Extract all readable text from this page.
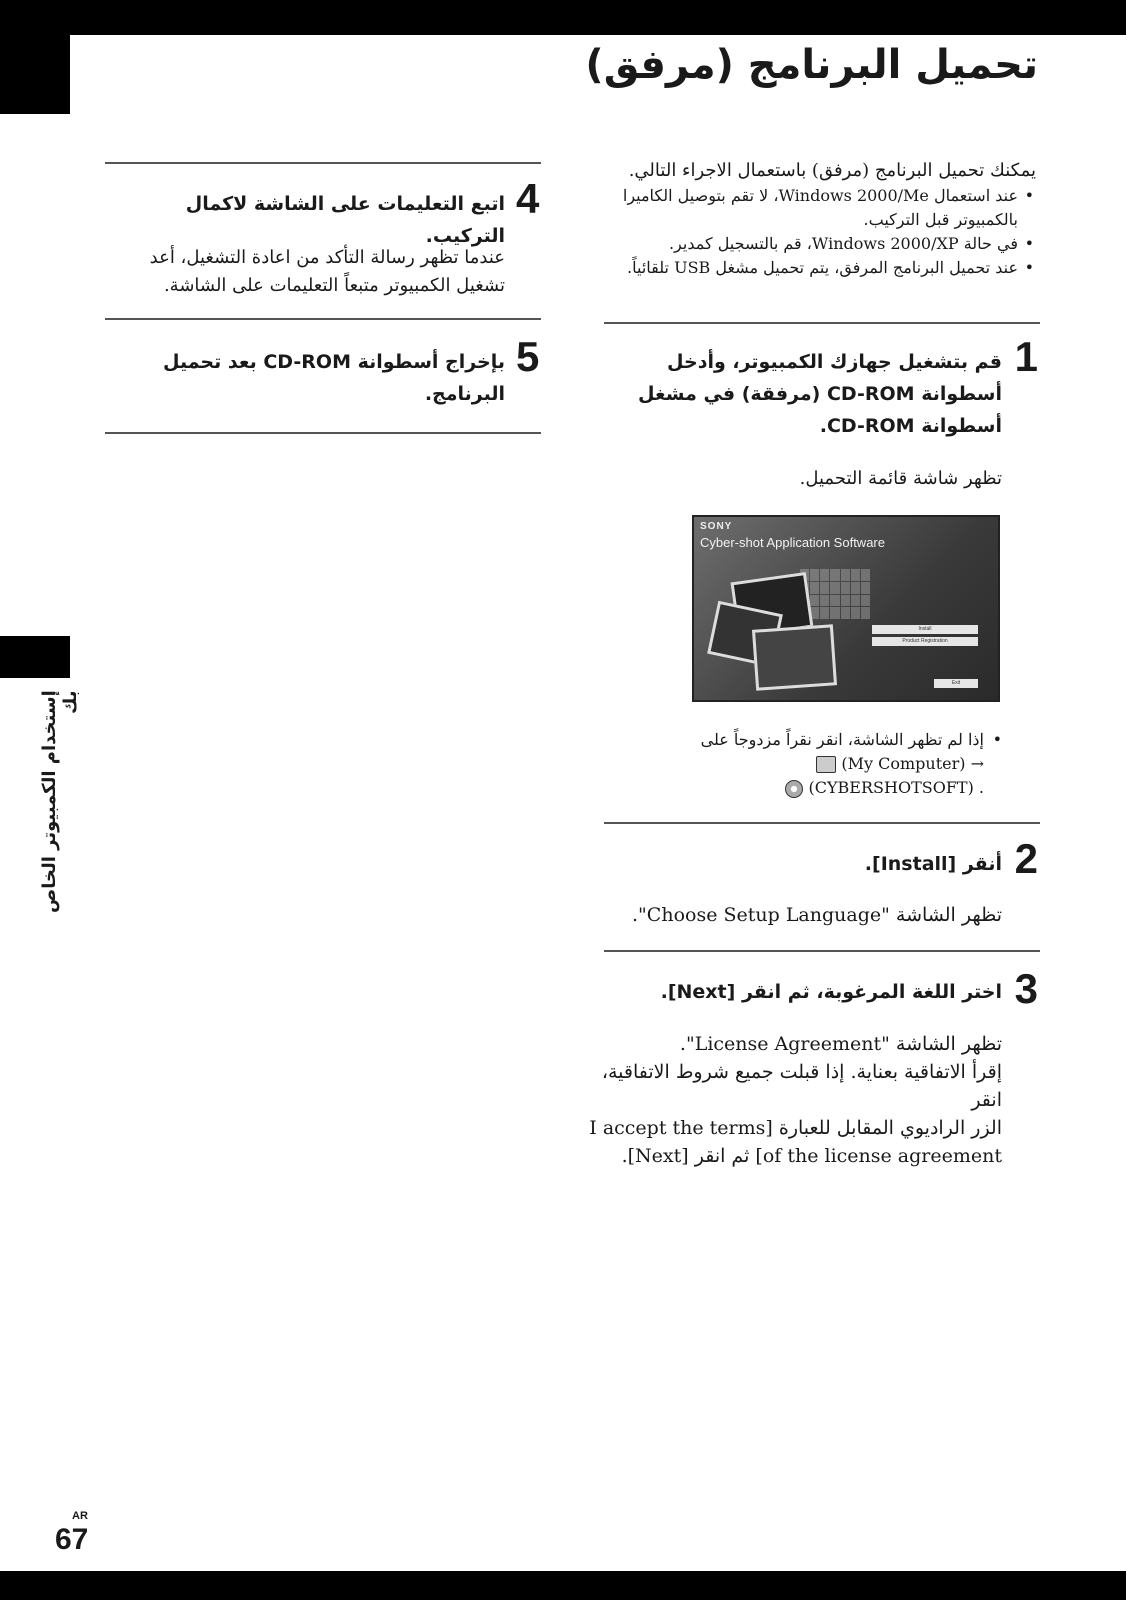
إستخدام الكمبيوتر الخاص بك
تحميل البرنامج (مرفق)
يمكنك تحميل البرنامج (مرفق) باستعمال الاجراء التالي.
• عند استعمال Windows 2000/Me، لا تقم بتوصيل الكاميرا بالكمبيوتر قبل التركيب.
• في حالة Windows 2000/XP، قم بالتسجيل كمدير.
• عند تحميل البرنامج المرفق، يتم تحميل مشغل USB تلقائياً.
1
قم بتشغيل جهازك الكمبيوتر، وأدخل أسطوانة CD-ROM (مرفقة) في مشغل أسطوانة CD-ROM.
تظهر شاشة قائمة التحميل.
SONY
Cyber-shot Application Software
Install
Product Registration
Exit
•
إذا لم تظهر الشاشة، انقر نقراً مزدوجاً على
(My Computer) →
(CYBERSHOTSOFT) .
2
أنقر [Install].
تظهر الشاشة "Choose Setup Language".
3
اختر اللغة المرغوبة، ثم انقر [Next].
تظهر الشاشة "License Agreement".
إقرأ الاتفاقية بعناية. إذا قبلت جميع شروط الاتفاقية، انقر
الزر الراديوي المقابل للعبارة [I accept the terms
of the license agreement] ثم انقر [Next].
4
اتبع التعليمات على الشاشة لاكمال التركيب.
عندما تظهر رسالة التأكد من اعادة التشغيل، أعد تشغيل الكمبيوتر متبعاً التعليمات على الشاشة.
5
بإخراج أسطوانة CD-ROM بعد تحميل البرنامج.
AR
67
